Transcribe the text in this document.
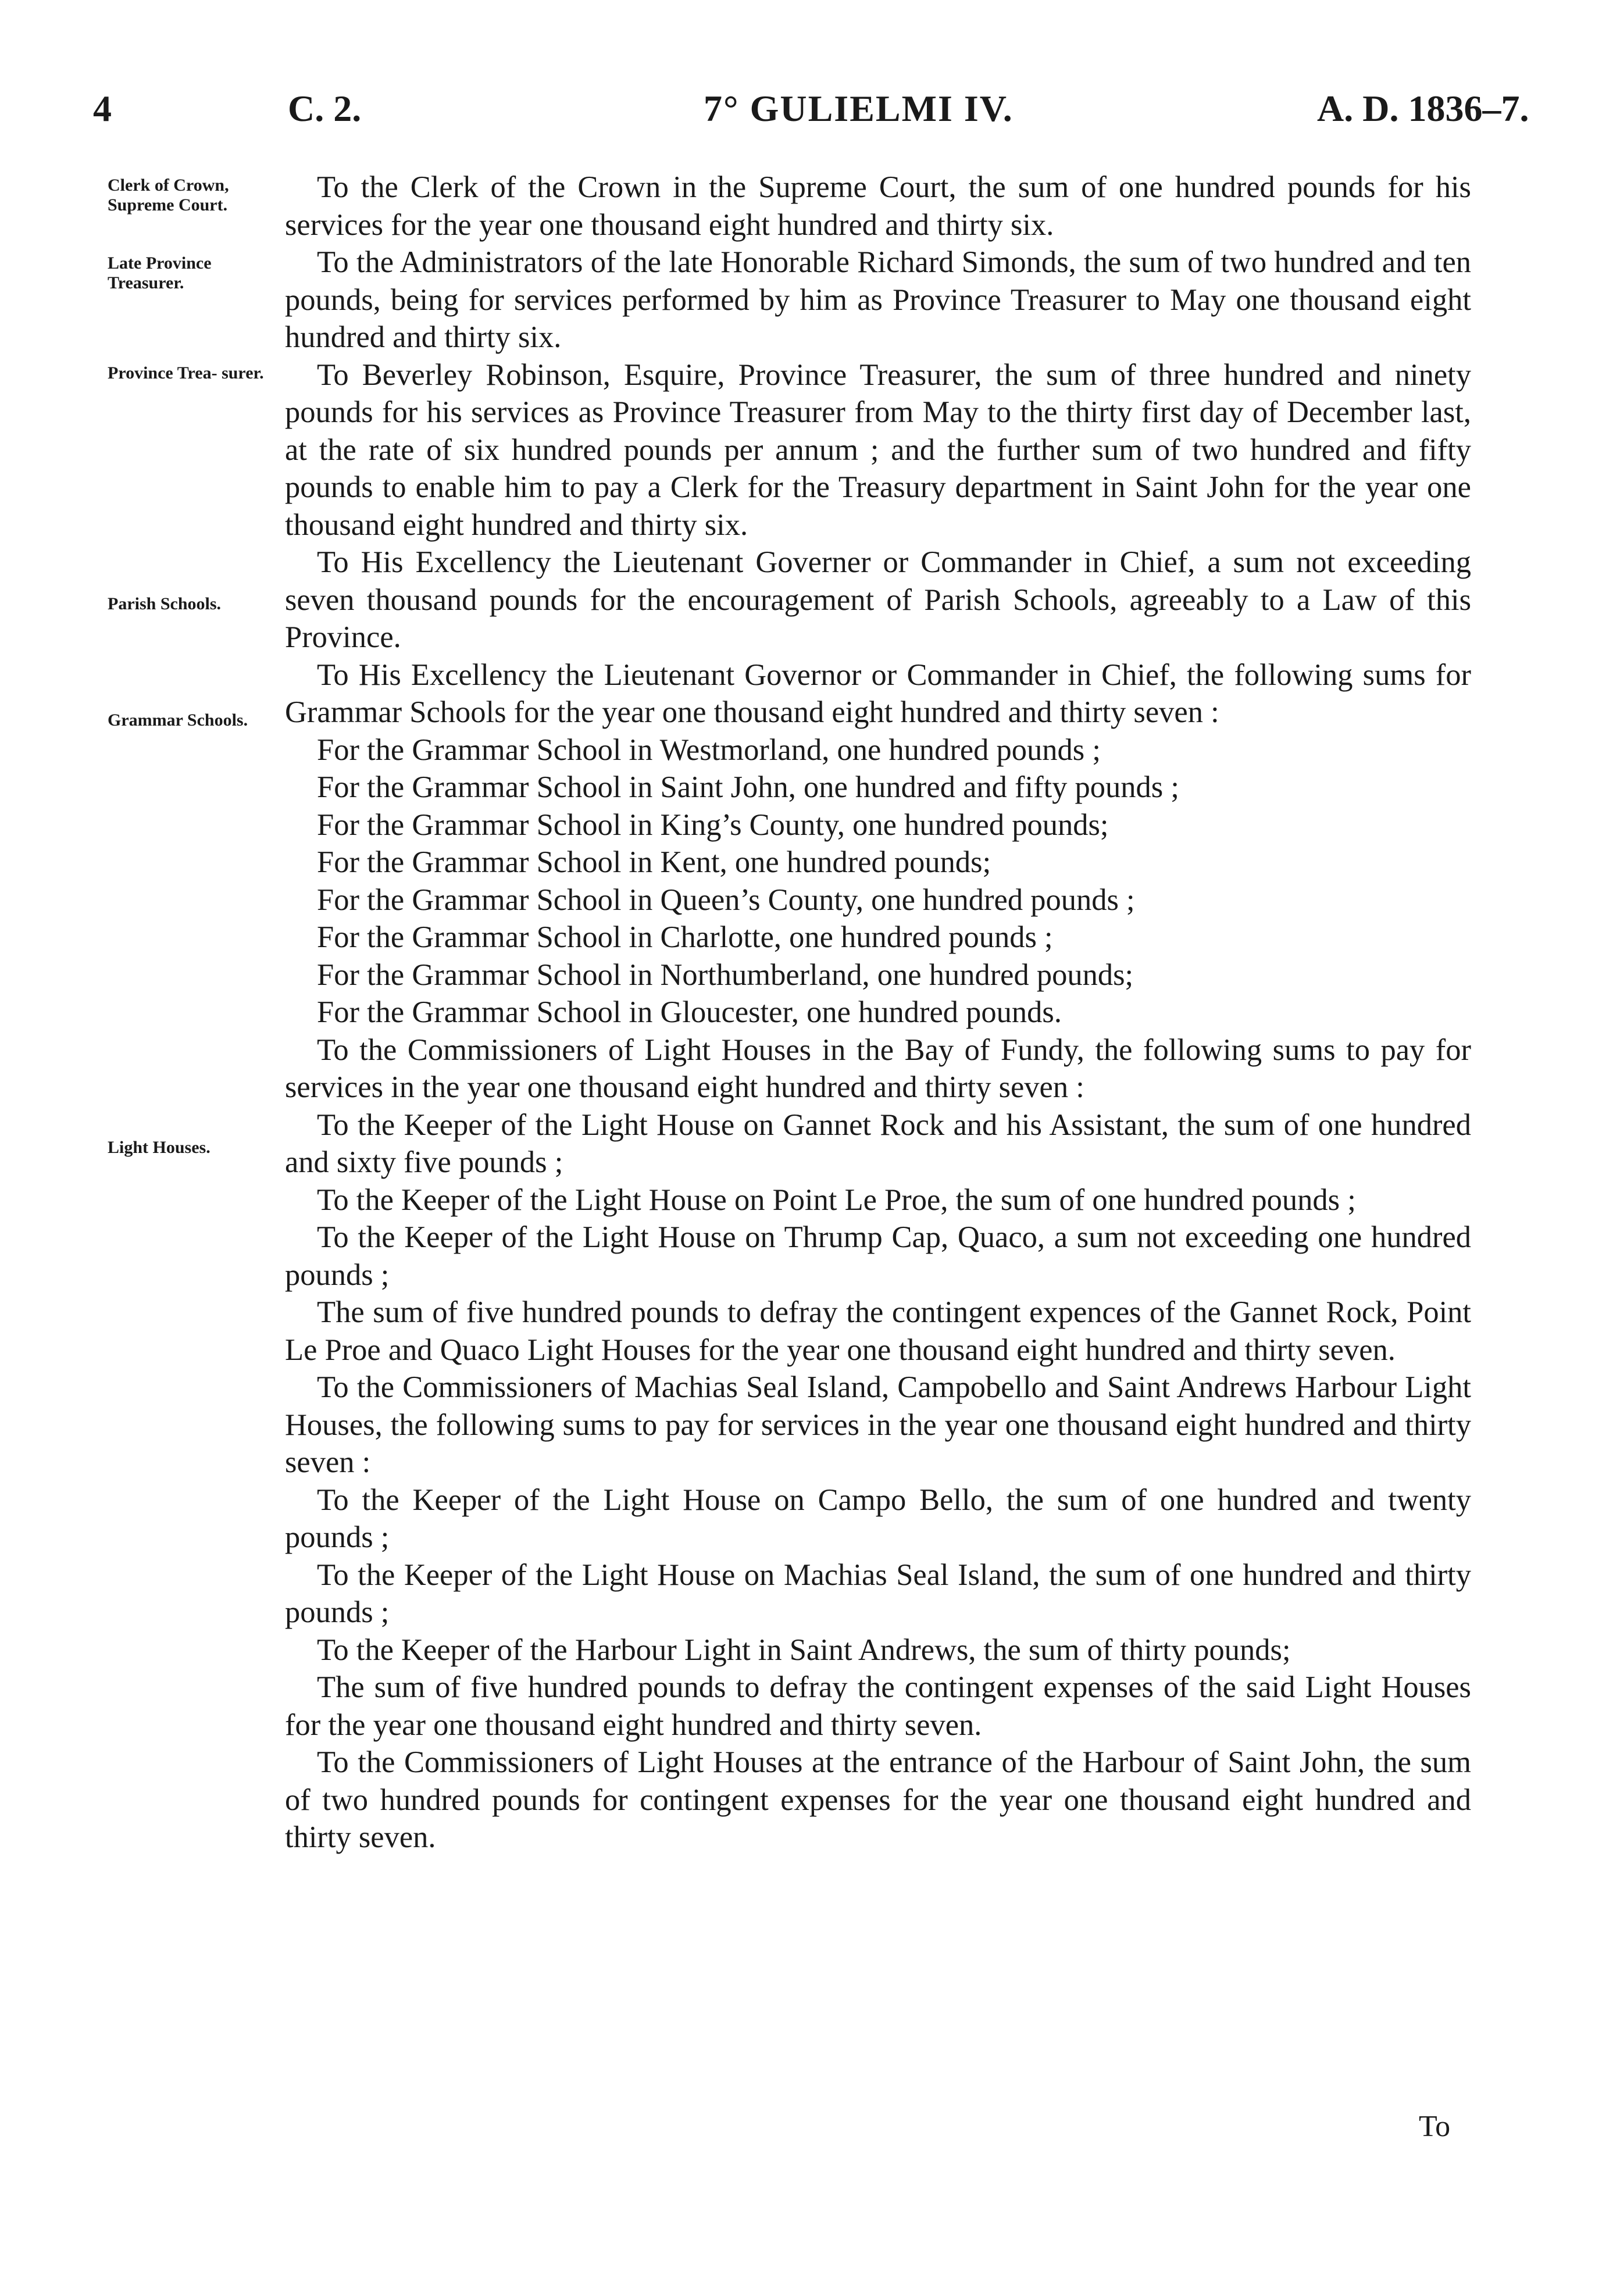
4	C. 2.	7° GULIELMI IV.	A. D. 1836–7.
Clerk of Crown, Supreme Court.
Late Province Treasurer.
Province Trea- surer.
Parish Schools.
Grammar Schools.
Light Houses.

To the Clerk of the Crown in the Supreme Court, the sum of one hundred pounds for his services for the year one thousand eight hundred and thirty six.

To the Administrators of the late Honorable Richard Simonds, the sum of two hundred and ten pounds, being for services performed by him as Province Treasurer to May one thousand eight hundred and thirty six.

To Beverley Robinson, Esquire, Province Treasurer, the sum of three hundred and ninety pounds for his services as Province Treasurer from May to the thirty first day of December last, at the rate of six hundred pounds per annum ; and the further sum of two hundred and fifty pounds to enable him to pay a Clerk for the Treasury department in Saint John for the year one thousand eight hundred and thirty six.

To His Excellency the Lieutenant Governer or Commander in Chief, a sum not exceeding seven thousand pounds for the encouragement of Parish Schools, agreeably to a Law of this Province.

To His Excellency the Lieutenant Governor or Commander in Chief, the following sums for Grammar Schools for the year one thousand eight hundred and thirty seven :

For the Grammar School in Westmorland, one hundred pounds ;

For the Grammar School in Saint John, one hundred and fifty pounds ;

For the Grammar School in King’s County, one hundred pounds;

For the Grammar School in Kent, one hundred pounds;

For the Grammar School in Queen’s County, one hundred pounds ;

For the Grammar School in Charlotte, one hundred pounds ;

For the Grammar School in Northumberland, one hundred pounds;

For the Grammar School in Gloucester, one hundred pounds.

To the Commissioners of Light Houses in the Bay of Fundy, the following sums to pay for services in the year one thousand eight hundred and thirty seven :

To the Keeper of the Light House on Gannet Rock and his Assistant, the sum of one hundred and sixty five pounds ;

To the Keeper of the Light House on Point Le Proe, the sum of one hundred pounds ;

To the Keeper of the Light House on Thrump Cap, Quaco, a sum not exceeding one hundred pounds ;

The sum of five hundred pounds to defray the contingent expences of the Gannet Rock, Point Le Proe and Quaco Light Houses for the year one thousand eight hundred and thirty seven.

To the Commissioners of Machias Seal Island, Campobello and Saint Andrews Harbour Light Houses, the following sums to pay for services in the year one thousand eight hundred and thirty seven :

To the Keeper of the Light House on Campo Bello, the sum of one hundred and twenty pounds ;

To the Keeper of the Light House on Machias Seal Island, the sum of one hundred and thirty pounds ;

To the Keeper of the Harbour Light in Saint Andrews, the sum of thirty pounds;

The sum of five hundred pounds to defray the contingent expenses of the said Light Houses for the year one thousand eight hundred and thirty seven.

To the Commissioners of Light Houses at the entrance of the Harbour of Saint John, the sum of two hundred pounds for contingent expenses for the year one thousand eight hundred and thirty seven.

To
